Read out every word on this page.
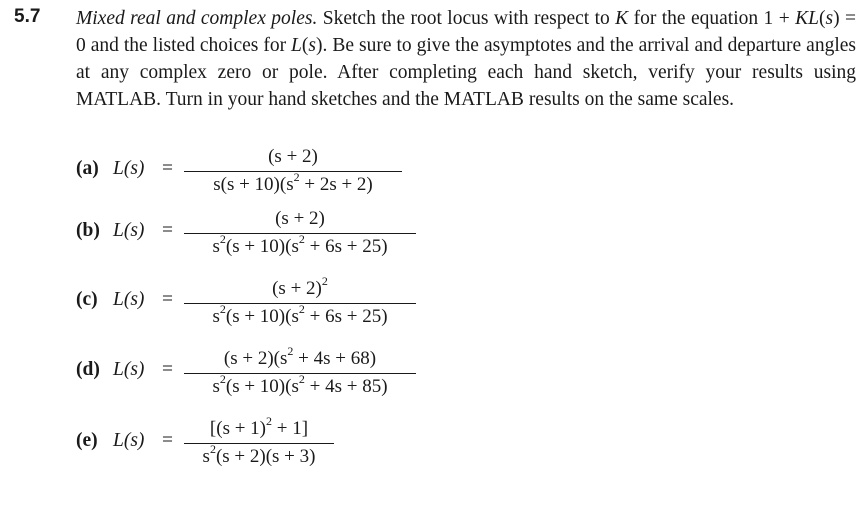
5.7 Mixed real and complex poles. Sketch the root locus with respect to K for the equation 1 + KL(s) = 0 and the listed choices for L(s). Be sure to give the asymptotes and the arrival and departure angles at any complex zero or pole. After completing each hand sketch, verify your results using MATLAB. Turn in your hand sketches and the MATLAB results on the same scales.
(a) L(s) =
(s + 2)
$s(s + 10)(s^2 + 2s + 2)$
(b) L(s) =
(s + 2)
$s^2(s + 10)(s^2 + 6s + 25)$
(c) L(s) =
$(s + 2)^2$
$s^2(s + 10)(s^2 + 6s + 25)$
(d) L(s) =
$(s + 2)(s^2 + 4s + 68)$
$s^2(s + 10)(s^2 + 4s + 85)$
(e) L(s) =
$[(s + 1)^2 + 1]$
$s^2(s + 2)(s + 3)$
